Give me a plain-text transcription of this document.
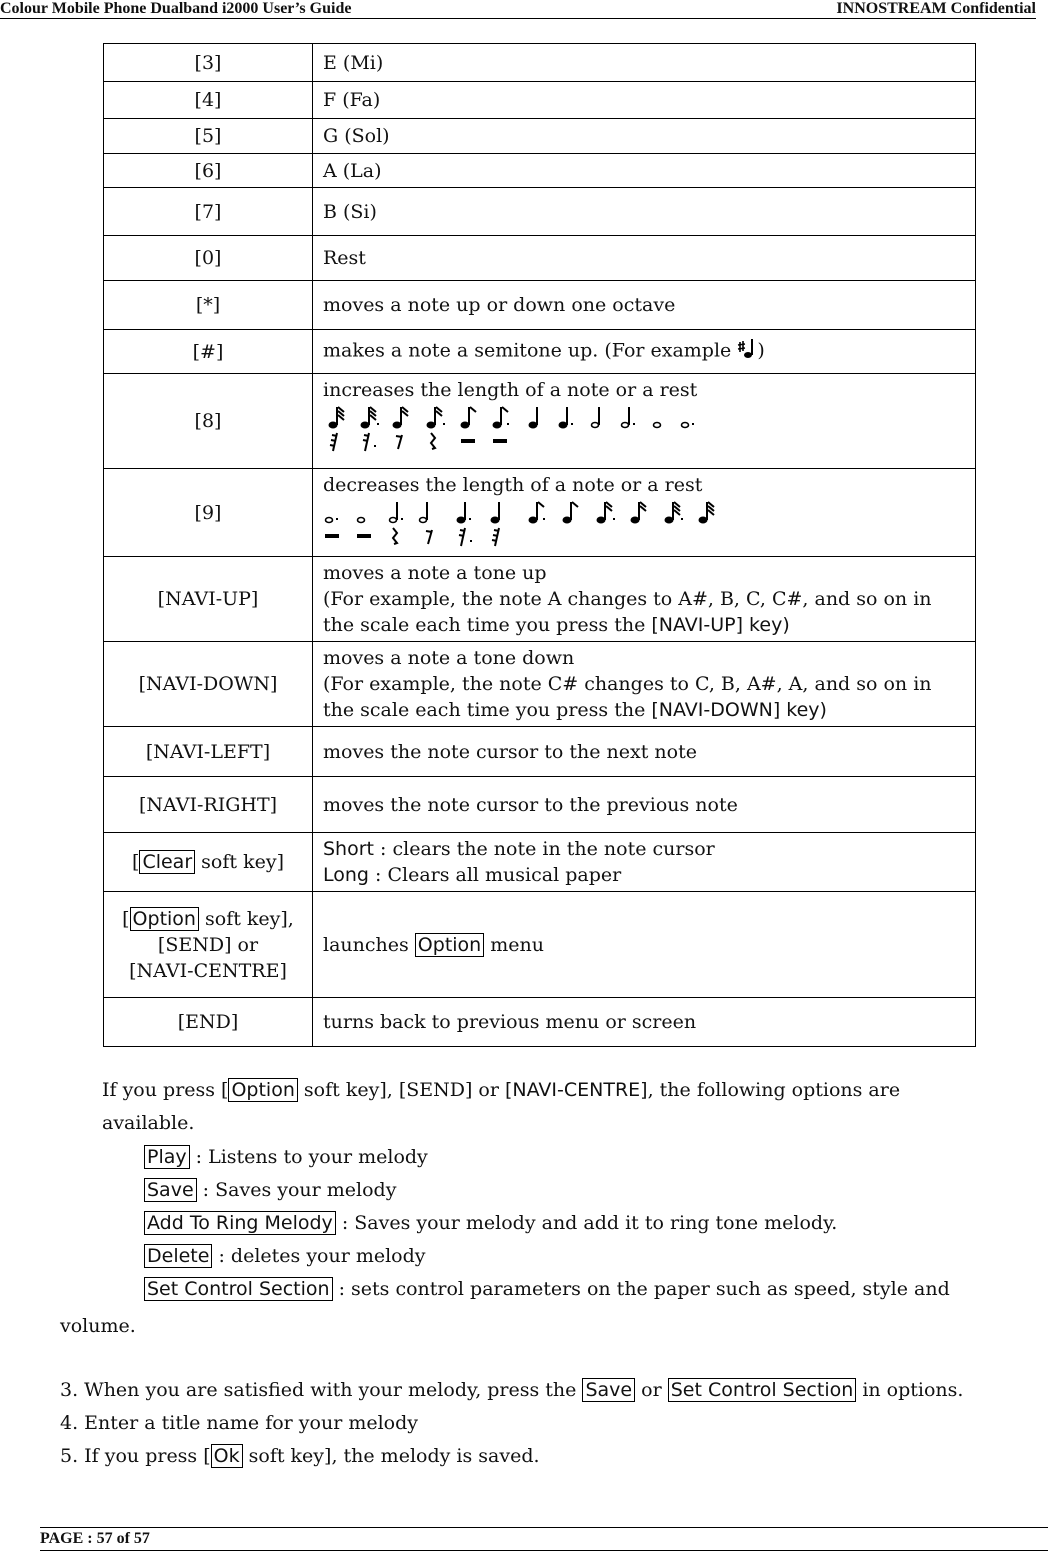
Colour Mobile Phone Dualband i2000 User’s Guide	INNOSTREAM Confidential
[3]	E (Mi)
[4]	F (Fa)
[5]	G (Sol)
[6]	A (La)
[7]	B (Si)
[0]	Rest
[*]	moves a note up or down one octave
[#]	makes a note a semitone up. (For example )
[8]	increases the length of a note or a rest

[9]	decreases the length of a note or a rest

[NAVI-UP]	moves a note a tone up
(For example, the note A changes to A#, B, C, C#, and so on in
the scale each time you press the [NAVI-UP] key)

[NAVI-DOWN]	moves a note a tone down
(For example, the note C# changes to C, B, A#, A, and so on in
the scale each time you press the [NAVI-DOWN] key)

[NAVI-LEFT]	moves the note cursor to the next note
[NAVI-RIGHT]	moves the note cursor to the previous note
[ Clear soft key]	Short : clears the note in the note cursor
Long : Clears all musical paper

[ Option soft key],
[SEND] or
[NAVI-CENTRE]	launches Option menu
[END]	turns back to previous menu or screen
If you press [ Option soft key], [SEND] or [NAVI-CENTRE], the following options are
available.
Play : Listens to your melody
Save : Saves your melody
Add To Ring Melody : Saves your melody and add it to ring tone melody.
Delete : deletes your melody
Set Control Section : sets control parameters on the paper such as speed, style and
volume.
3. When you are satisfied with your melody, press the Save or Set Control Section in options.
4. Enter a title name for your melody
5. If you press [ Ok soft key], the melody is saved.
PAGE : 57 of 57
